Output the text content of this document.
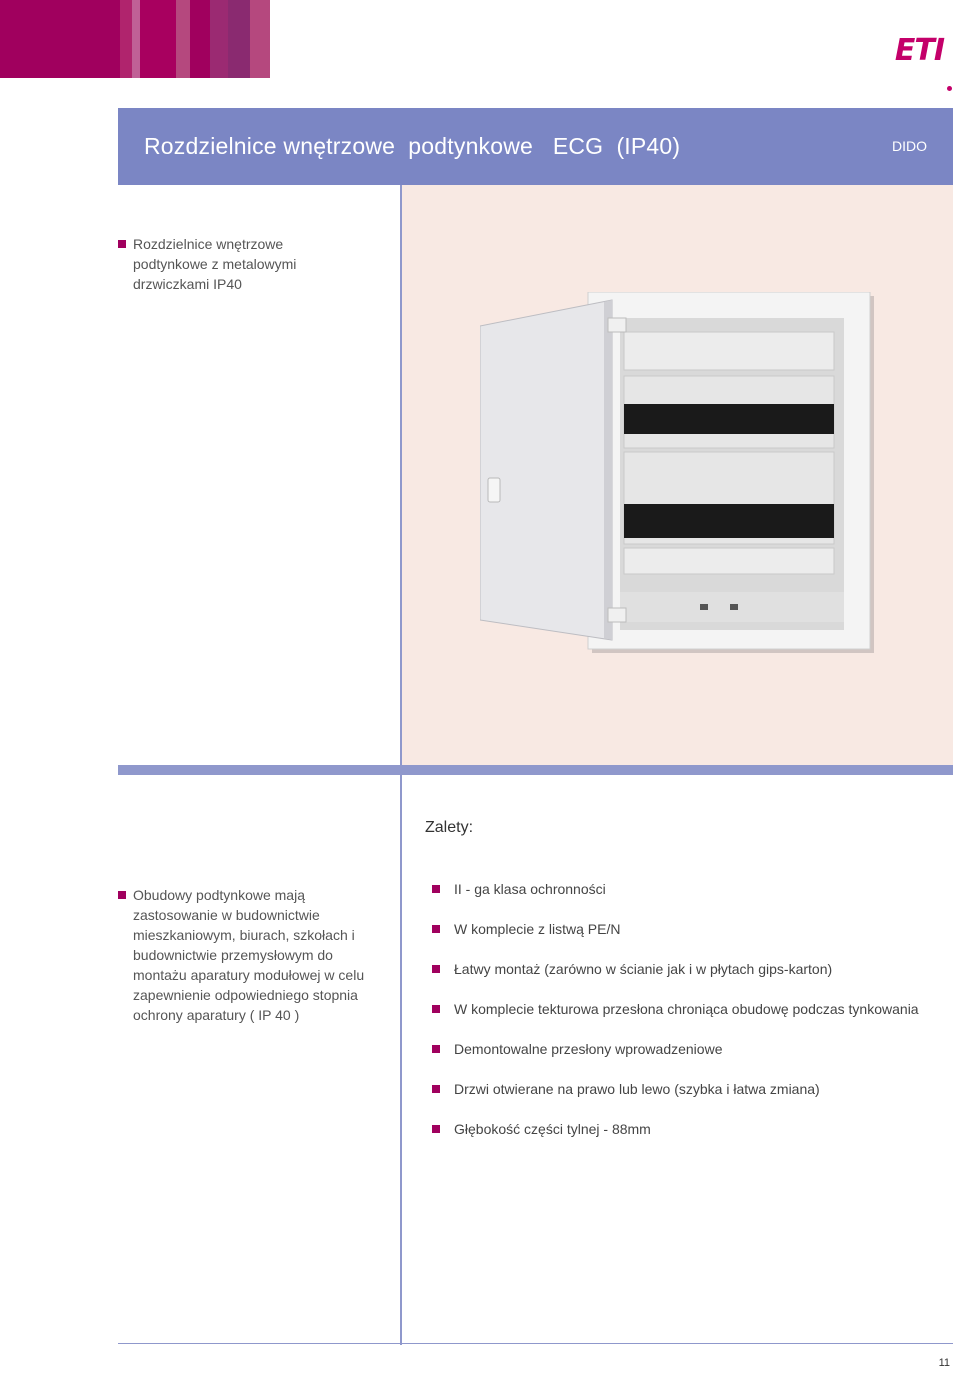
ETI
Rozdzielnice wnętrzowe  podtynkowe   ECG  (IP40)	DIDO
Rozdzielnice wnętrzowe podtynkowe z metalowymi drzwiczkami IP40
Zalety:
Obudowy podtynkowe mają zastosowanie w budownictwie mieszkaniowym, biurach, szkołach i budownictwie przemysłowym do montażu aparatury modułowej w celu zapewnienie odpowiedniego stopnia ochrony aparatury ( IP 40 )
II - ga klasa ochronności
W komplecie z listwą PE/N
Łatwy montaż (zarówno w ścianie jak i w płytach gips-karton)
W komplecie tekturowa przesłona chroniąca obudowę podczas tynkowania
Demontowalne przesłony wprowadzeniowe
Drzwi otwierane na prawo lub lewo (szybka i łatwa zmiana)
Głębokość części tylnej - 88mm
11
